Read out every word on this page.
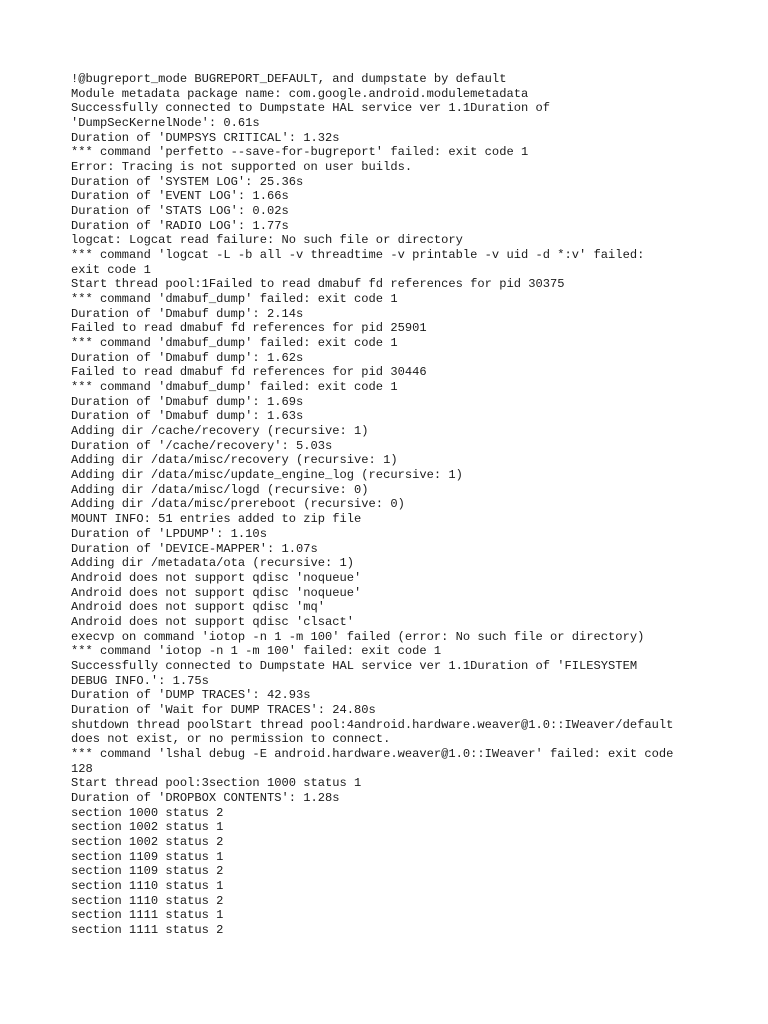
!@bugreport_mode BUGREPORT_DEFAULT, and dumpstate by default
Module metadata package name: com.google.android.modulemetadata
Successfully connected to Dumpstate HAL service ver 1.1Duration of
'DumpSecKernelNode': 0.61s
Duration of 'DUMPSYS CRITICAL': 1.32s
*** command 'perfetto --save-for-bugreport' failed: exit code 1
Error: Tracing is not supported on user builds.
Duration of 'SYSTEM LOG': 25.36s
Duration of 'EVENT LOG': 1.66s
Duration of 'STATS LOG': 0.02s
Duration of 'RADIO LOG': 1.77s
logcat: Logcat read failure: No such file or directory
*** command 'logcat -L -b all -v threadtime -v printable -v uid -d *:v' failed:
exit code 1
Start thread pool:1Failed to read dmabuf fd references for pid 30375
*** command 'dmabuf_dump' failed: exit code 1
Duration of 'Dmabuf dump': 2.14s
Failed to read dmabuf fd references for pid 25901
*** command 'dmabuf_dump' failed: exit code 1
Duration of 'Dmabuf dump': 1.62s
Failed to read dmabuf fd references for pid 30446
*** command 'dmabuf_dump' failed: exit code 1
Duration of 'Dmabuf dump': 1.69s
Duration of 'Dmabuf dump': 1.63s
Adding dir /cache/recovery (recursive: 1)
Duration of '/cache/recovery': 5.03s
Adding dir /data/misc/recovery (recursive: 1)
Adding dir /data/misc/update_engine_log (recursive: 1)
Adding dir /data/misc/logd (recursive: 0)
Adding dir /data/misc/prereboot (recursive: 0)
MOUNT INFO: 51 entries added to zip file
Duration of 'LPDUMP': 1.10s
Duration of 'DEVICE-MAPPER': 1.07s
Adding dir /metadata/ota (recursive: 1)
Android does not support qdisc 'noqueue'
Android does not support qdisc 'noqueue'
Android does not support qdisc 'mq'
Android does not support qdisc 'clsact'
execvp on command 'iotop -n 1 -m 100' failed (error: No such file or directory)
*** command 'iotop -n 1 -m 100' failed: exit code 1
Successfully connected to Dumpstate HAL service ver 1.1Duration of 'FILESYSTEM
DEBUG INFO.': 1.75s
Duration of 'DUMP TRACES': 42.93s
Duration of 'Wait for DUMP TRACES': 24.80s
shutdown thread poolStart thread pool:4android.hardware.weaver@1.0::IWeaver/default
does not exist, or no permission to connect.
*** command 'lshal debug -E android.hardware.weaver@1.0::IWeaver' failed: exit code
128
Start thread pool:3section 1000 status 1
Duration of 'DROPBOX CONTENTS': 1.28s
section 1000 status 2
section 1002 status 1
section 1002 status 2
section 1109 status 1
section 1109 status 2
section 1110 status 1
section 1110 status 2
section 1111 status 1
section 1111 status 2
